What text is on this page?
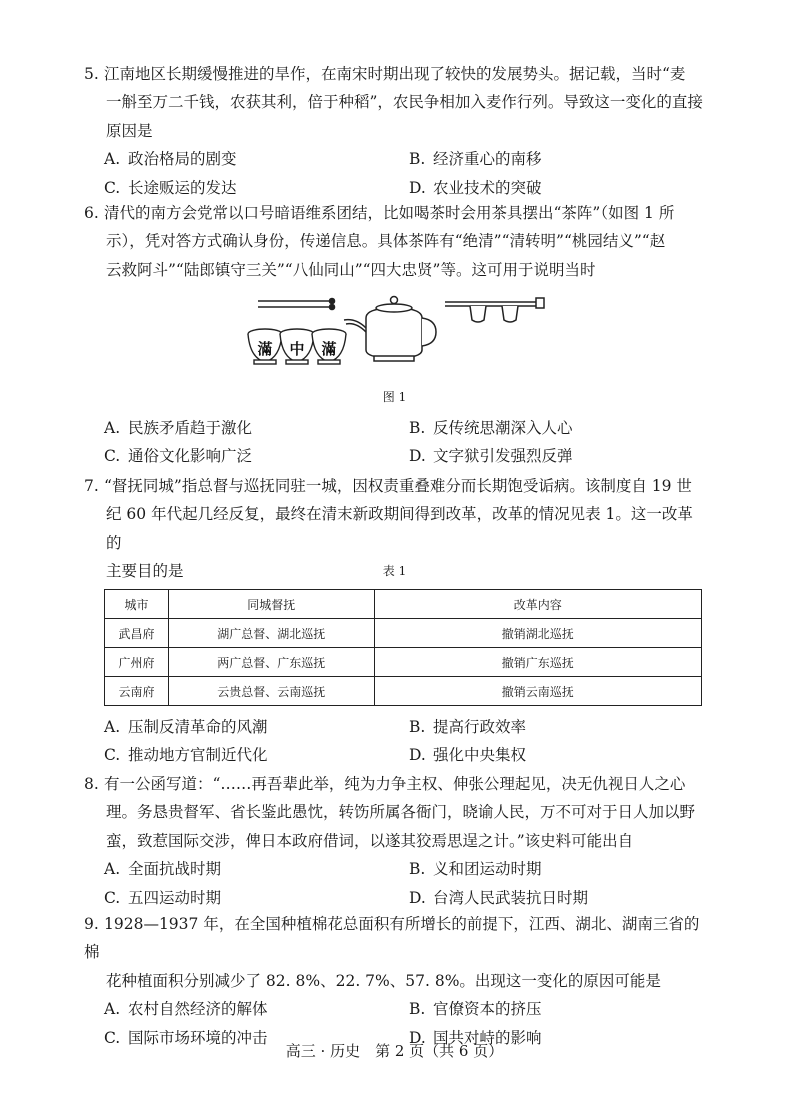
5. 江南地区长期缓慢推进的旱作，在南宋时期出现了较快的发展势头。据记载，当时“麦

一斛至万二千钱，农获其利，倍于种稻”，农民争相加入麦作行列。导致这一变化的直接

原因是

A. 政治格局的剧变	B. 经济重心的南移
C. 长途贩运的发达	D. 农业技术的突破

6. 清代的南方会党常以口号暗语维系团结，比如喝茶时会用茶具摆出“茶阵”（如图 1 所

示），凭对答方式确认身份，传递信息。具体茶阵有“绝清”“清转明”“桃园结义”“赵

云救阿斗”“陆郎镇守三关”“八仙同山”“四大忠贤”等。这可用于说明当时

滿 中 滿
图 1
A. 民族矛盾趋于激化	B. 反传统思潮深入人心
C. 通俗文化影响广泛	D. 文字狱引发强烈反弹

7. “督抚同城”指总督与巡抚同驻一城，因权责重叠难分而长期饱受诟病。该制度自 19 世

纪 60 年代起几经反复，最终在清末新政期间得到改革，改革的情况见表 1。这一改革的

主要目的是	表 1
城市	同城督抚	改革内容
武昌府	湖广总督、湖北巡抚	撤销湖北巡抚
广州府	两广总督、广东巡抚	撤销广东巡抚
云南府	云贵总督、云南巡抚	撤销云南巡抚
A. 压制反清革命的风潮	B. 提高行政效率
C. 推动地方官制近代化	D. 强化中央集权

8. 有一公函写道：“……再吾辈此举，纯为力争主权、伸张公理起见，决无仇视日人之心

理。务恳贵督军、省长鉴此愚忱，转饬所属各衙门，晓谕人民，万不可对于日人加以野

蛮，致惹国际交涉，俾日本政府借词，以遂其狡焉思逞之计。”该史料可能出自

A. 全面抗战时期	B. 义和团运动时期
C. 五四运动时期	D. 台湾人民武装抗日时期

9. 1928—1937 年，在全国种植棉花总面积有所增长的前提下，江西、湖北、湖南三省的棉

花种植面积分别减少了 82. 8%、22. 7%、57. 8%。出现这一变化的原因可能是

A. 农村自然经济的解体	B. 官僚资本的挤压
C. 国际市场环境的冲击	D. 国共对峙的影响
高三 · 历史　第 2 页（共 6 页）
